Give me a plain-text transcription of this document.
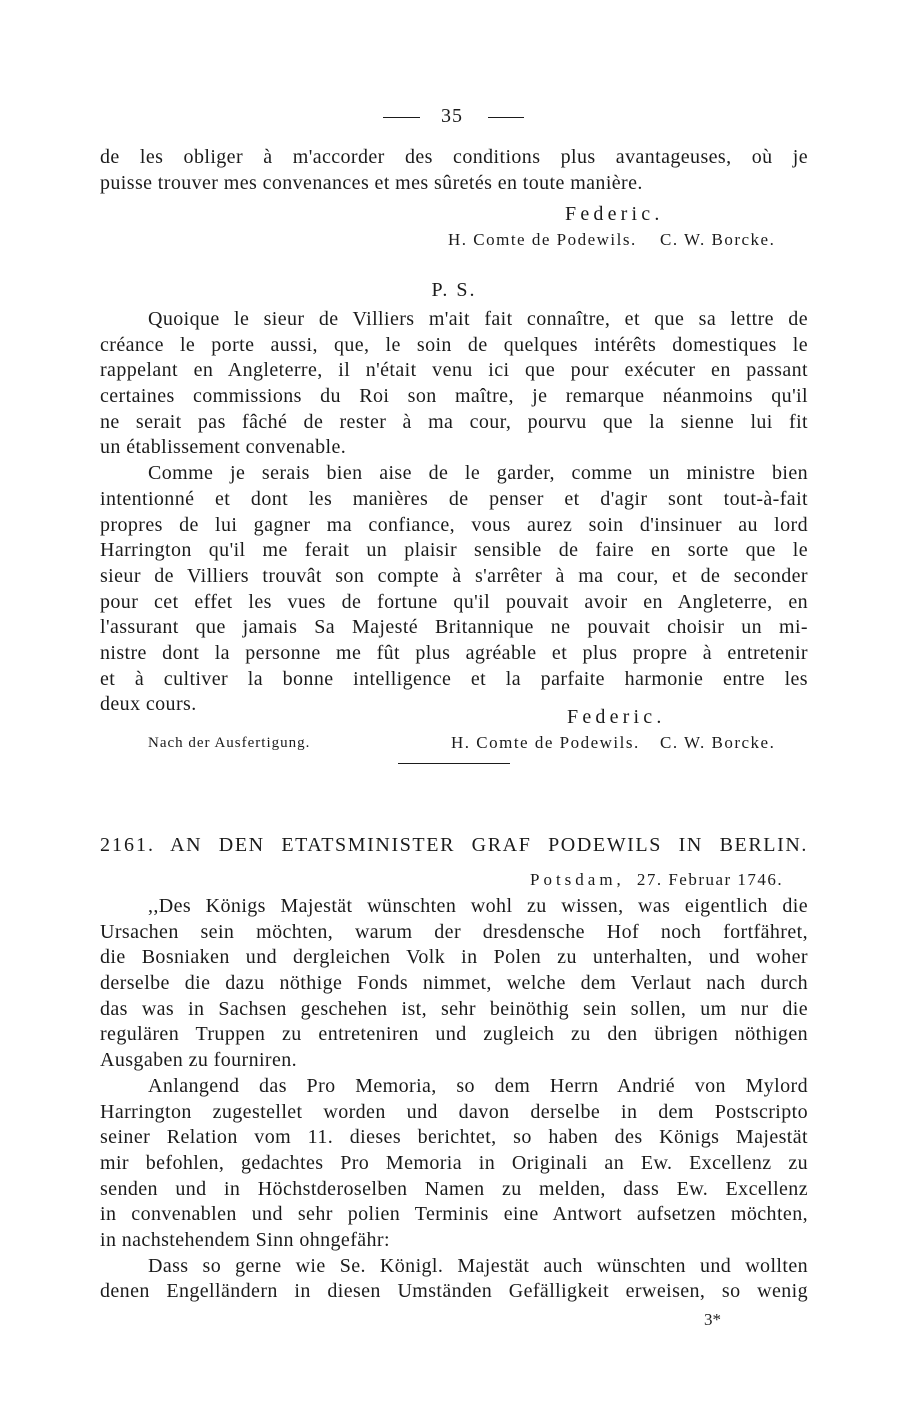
35
de les obliger à m'accorder des conditions plus avantageuses, où je
puisse trouver mes convenances et mes sûretés en toute manière.
Federic.
H. Comte de Podewils. C. W. Borcke.
P. S.
Quoique le sieur de Villiers m'ait fait connaître, et que sa lettre de
créance le porte aussi, que, le soin de quelques intérêts domestiques le
rappelant en Angleterre, il n'était venu ici que pour exécuter en passant
certaines commissions du Roi son maître, je remarque néanmoins qu'il
ne serait pas fâché de rester à ma cour, pourvu que la sienne lui fit
un établissement convenable.
Comme je serais bien aise de le garder, comme un ministre bien
intentionné et dont les manières de penser et d'agir sont tout-à-fait
propres de lui gagner ma confiance, vous aurez soin d'insinuer au lord
Harrington qu'il me ferait un plaisir sensible de faire en sorte que le
sieur de Villiers trouvât son compte à s'arrêter à ma cour, et de seconder
pour cet effet les vues de fortune qu'il pouvait avoir en Angleterre, en
l'assurant que jamais Sa Majesté Britannique ne pouvait choisir un mi-
nistre dont la personne me fût plus agréable et plus propre à entretenir
et à cultiver la bonne intelligence et la parfaite harmonie entre les
deux cours.
Federic.
Nach der Ausfertigung.	H. Comte de Podewils. C. W. Borcke.
2161. AN DEN ETATSMINISTER GRAF PODEWILS IN BERLIN.
Potsdam, 27. Februar 1746.
,,Des Königs Majestät wünschten wohl zu wissen, was eigentlich die
Ursachen sein möchten, warum der dresdensche Hof noch fortfähret,
die Bosniaken und dergleichen Volk in Polen zu unterhalten, und woher
derselbe die dazu nöthige Fonds nimmet, welche dem Verlaut nach durch
das was in Sachsen geschehen ist, sehr beinöthig sein sollen, um nur die
regulären Truppen zu entreteniren und zugleich zu den übrigen nöthigen
Ausgaben zu fourniren.
Anlangend das Pro Memoria, so dem Herrn Andrié von Mylord
Harrington zugestellet worden und davon derselbe in dem Postscripto
seiner Relation vom 11. dieses berichtet, so haben des Königs Majestät
mir befohlen, gedachtes Pro Memoria in Originali an Ew. Excellenz zu
senden und in Höchstderoselben Namen zu melden, dass Ew. Excellenz
in convenablen und sehr polien Terminis eine Antwort aufsetzen möchten,
in nachstehendem Sinn ohngefähr:
Dass so gerne wie Se. Königl. Majestät auch wünschten und wollten
denen Engelländern in diesen Umständen Gefälligkeit erweisen, so wenig
3*
